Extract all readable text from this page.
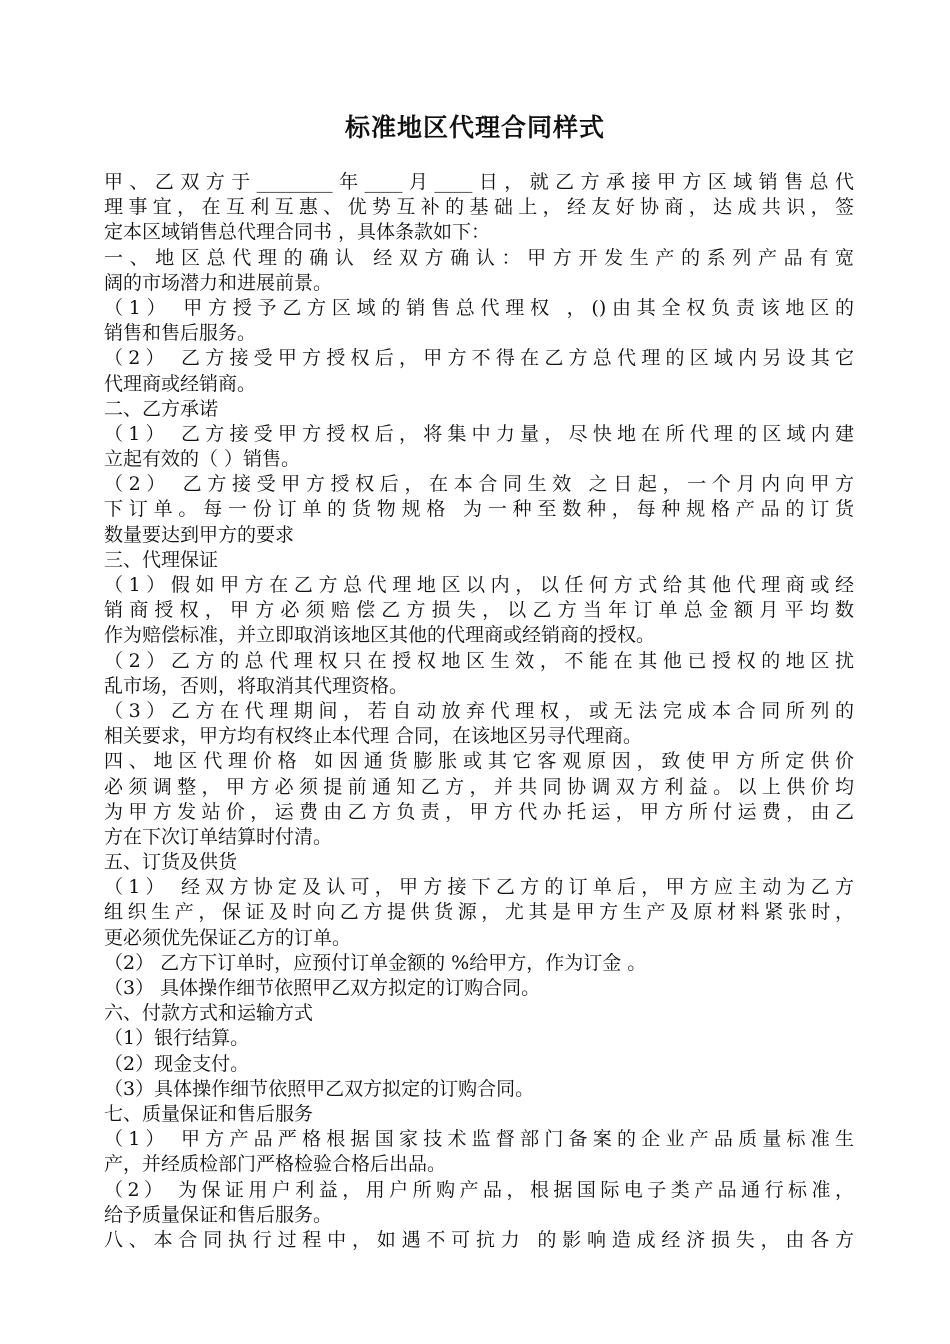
标准地区代理合同样式
甲、乙双方于________年____月____日，就乙方承接甲方区域销售总代
理事宜，在互利互惠、优势互补的基础上，经友好协商，达成共识，签
定本区域销售总代理合同书 ，具体条款如下：
一、地区总代理的确认 经双方确认：甲方开发生产的系列产品有宽
阔的市场潜力和进展前景。
（1） 甲方授予乙方区域的销售总代理权 ，()由其全权负责该地区的
销售和售后服务。
（2） 乙方接受甲方授权后，甲方不得在乙方总代理的区域内另设其它
代理商或经销商。
二、乙方承诺
（1） 乙方接受甲方授权后，将集中力量，尽快地在所代理的区域内建
立起有效的（ ）销售。
（2） 乙方接受甲方授权后，在本合同生效 之日起，一个月内向甲方
下订单。每一份订单的货物规格 为一种至数种，每种规格产品的订货
数量要达到甲方的要求
三、代理保证
（1）假如甲方在乙方总代理地区以内，以任何方式给其他代理商或经
销商授权，甲方必须赔偿乙方损失，以乙方当年订单总金额月平均数
作为赔偿标准，并立即取消该地区其他的代理商或经销商的授权。
（2）乙方的总代理权只在授权地区生效，不能在其他已授权的地区扰
乱市场，否则，将取消其代理资格。
（3）乙方在代理期间，若自动放弃代理权，或无法完成本合同所列的
相关要求，甲方均有权终止本代理 合同，在该地区另寻代理商。
四、地区代理价格 如因通货膨胀或其它客观原因，致使甲方所定供价
必须调整，甲方必须提前通知乙方，并共同协调双方利益。以上供价均
为甲方发站价，运费由乙方负责，甲方代办托运，甲方所付运费，由乙
方在下次订单结算时付清。
五、订货及供货
（1） 经双方协定及认可，甲方接下乙方的订单后，甲方应主动为乙方
组织生产，保证及时向乙方提供货源，尤其是甲方生产及原材料紧张时，
更必须优先保证乙方的订单。
（2） 乙方下订单时，应预付订单金额的 %给甲方，作为订金 。
（3） 具体操作细节依照甲乙双方拟定的订购合同。
六、付款方式和运输方式
（1）银行结算。
（2）现金支付。
（3）具体操作细节依照甲乙双方拟定的订购合同。
七、质量保证和售后服务
（1） 甲方产品严格根据国家技术监督部门备案的企业产品质量标准生
产，并经质检部门严格检验合格后出品。
（2） 为保证用户利益，用户所购产品，根据国际电子类产品通行标准，
给予质量保证和售后服务。
八、本合同执行过程中，如遇不可抗力 的影响造成经济损失，由各方
